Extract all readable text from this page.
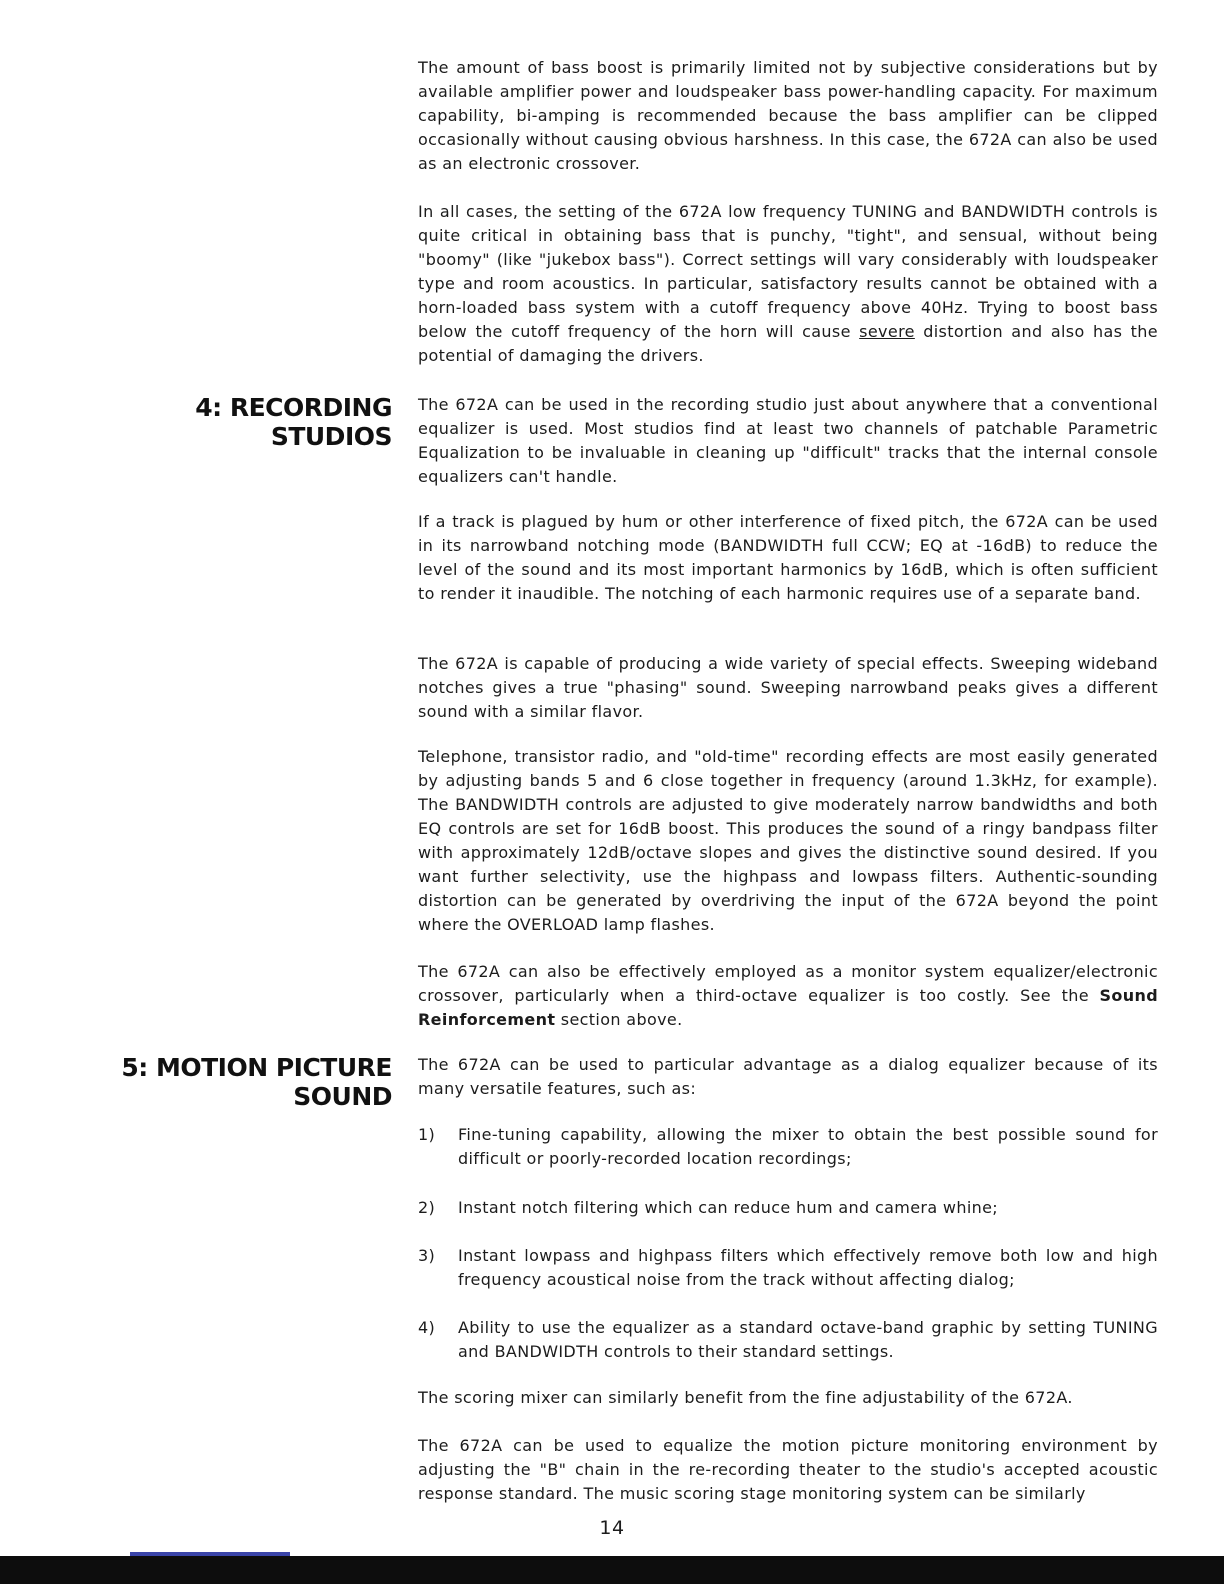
The amount of bass boost is primarily limited not by subjective considerations but by available amplifier power and loudspeaker bass power-handling capacity. For maximum capability, bi-amping is recommended because the bass amplifier can be clipped occasionally without causing obvious harshness. In this case, the 672A can also be used as an electronic crossover.

In all cases, the setting of the 672A low frequency TUNING and BANDWIDTH controls is quite critical in obtaining bass that is punchy, "tight", and sensual, without being "boomy" (like "jukebox bass"). Correct settings will vary considerably with loudspeaker type and room acoustics. In particular, satisfactory results cannot be obtained with a horn-loaded bass system with a cutoff frequency above 40Hz. Trying to boost bass below the cutoff frequency of the horn will cause severe distortion and also has the potential of damaging the drivers.

4: RECORDING
STUDIOS

The 672A can be used in the recording studio just about anywhere that a conventional equalizer is used. Most studios find at least two channels of patchable Parametric Equalization to be invaluable in cleaning up "difficult" tracks that the internal console equalizers can't handle.

If a track is plagued by hum or other interference of fixed pitch, the 672A can be used in its narrowband notching mode (BANDWIDTH full CCW; EQ at -16dB) to reduce the level of the sound and its most important harmonics by 16dB, which is often sufficient to render it inaudible. The notching of each harmonic requires use of a separate band.

The 672A is capable of producing a wide variety of special effects. Sweeping wideband notches gives a true "phasing" sound. Sweeping narrowband peaks gives a different sound with a similar flavor.

Telephone, transistor radio, and "old-time" recording effects are most easily generated by adjusting bands 5 and 6 close together in frequency (around 1.3kHz, for example). The BANDWIDTH controls are adjusted to give moderately narrow bandwidths and both EQ controls are set for 16dB boost. This produces the sound of a ringy bandpass filter with approximately 12dB/octave slopes and gives the distinctive sound desired. If you want further selectivity, use the highpass and lowpass filters. Authentic-sounding distortion can be generated by overdriving the input of the 672A beyond the point where the OVERLOAD lamp flashes.

The 672A can also be effectively employed as a monitor system equalizer/electronic crossover, particularly when a third-octave equalizer is too costly. See the Sound Reinforcement section above.

5: MOTION PICTURE
SOUND

The 672A can be used to particular advantage as a dialog equalizer because of its many versatile features, such as:

1) Fine-tuning capability, allowing the mixer to obtain the best possible sound for difficult or poorly-recorded location recordings;
2) Instant notch filtering which can reduce hum and camera whine;
3) Instant lowpass and highpass filters which effectively remove both low and high frequency acoustical noise from the track without affecting dialog;
4) Ability to use the equalizer as a standard octave-band graphic by setting TUNING and BANDWIDTH controls to their standard settings.

The scoring mixer can similarly benefit from the fine adjustability of the 672A.

The 672A can be used to equalize the motion picture monitoring environment by adjusting the "B" chain in the re-recording theater to the studio's accepted acoustic response standard. The music scoring stage monitoring system can be similarly

14
